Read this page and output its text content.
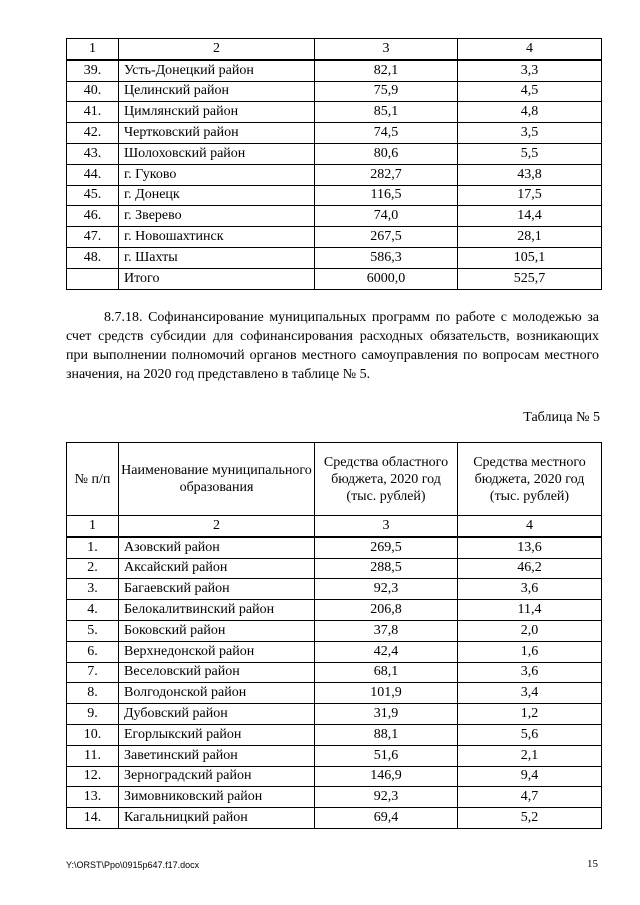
1	2	3	4
39.	Усть-Донецкий район	82,1	3,3
40.	Целинский район	75,9	4,5
41.	Цимлянский район	85,1	4,8
42.	Чертковский район	74,5	3,5
43.	Шолоховский район	80,6	5,5
44.	г. Гуково	282,7	43,8
45.	г. Донецк	116,5	17,5
46.	г. Зверево	74,0	14,4
47.	г. Новошахтинск	267,5	28,1
48.	г. Шахты	586,3	105,1
	Итого	6000,0	525,7

8.7.18. Софинансирование муниципальных программ по работе с молодежью за счет средств субсидии для софинансирования расходных обязательств, возникающих при выполнении полномочий органов местного самоуправления по вопросам местного значения, на 2020 год представлено в таблице № 5.

Таблица № 5

№ п/п	Наименование муниципального образования	Средства областного бюджета, 2020 год (тыс. рублей)	Средства местного бюджета, 2020 год (тыс. рублей)
1	2	3	4
1.	Азовский район	269,5	13,6
2.	Аксайский район	288,5	46,2
3.	Багаевский район	92,3	3,6
4.	Белокалитвинский район	206,8	11,4
5.	Боковский район	37,8	2,0
6.	Верхнедонской район	42,4	1,6
7.	Веселовский район	68,1	3,6
8.	Волгодонской район	101,9	3,4
9.	Дубовский район	31,9	1,2
10.	Егорлыкский район	88,1	5,6
11.	Заветинский район	51,6	2,1
12.	Зерноградский район	146,9	9,4
13.	Зимовниковский район	92,3	4,7
14.	Кагальницкий район	69,4	5,2
Y:\ORST\Ppo\0915p647.f17.docx	15
